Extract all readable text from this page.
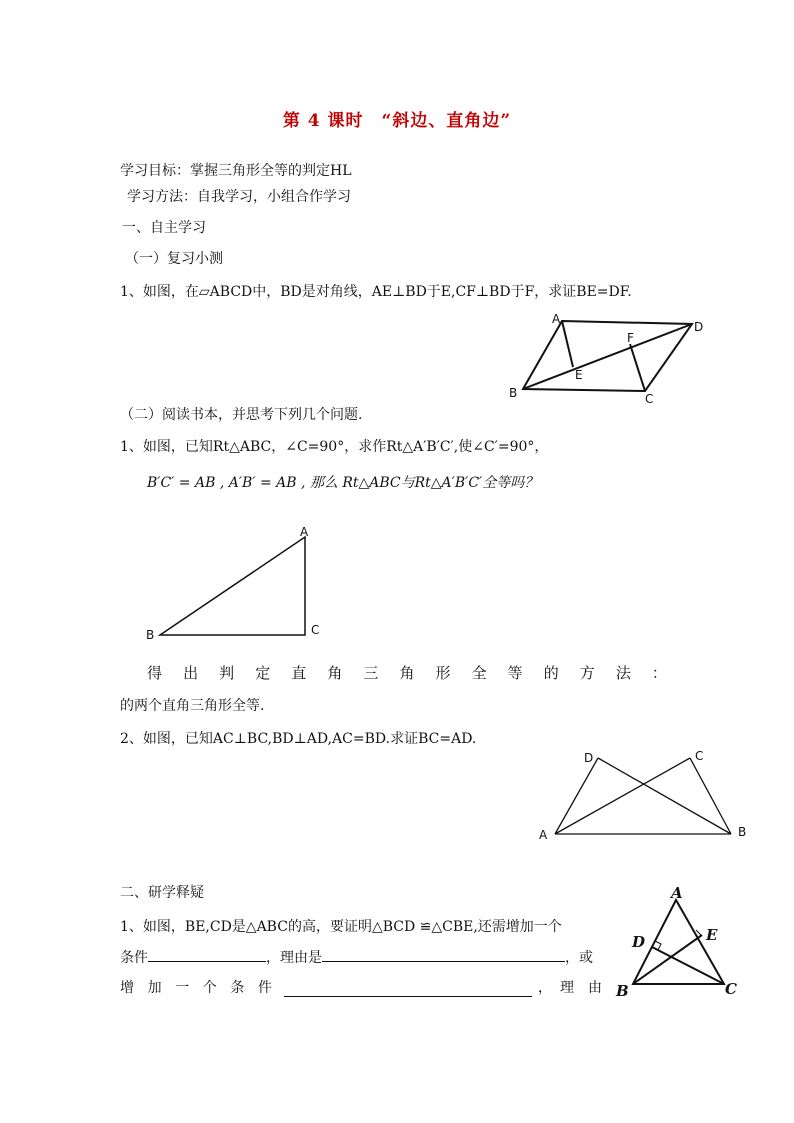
第 4 课时　“斜边、直角边”
学习目标：掌握三角形全等的判定HL
学习方法：自我学习，小组合作学习
一、自主学习
（一）复习小测
1、如图，在▱ABCD中，BD是对角线，AE⊥BD于E,CF⊥BD于F，求证BE=DF.
A
D
F
E
B	C
（二）阅读书本，并思考下列几个问题.
1、如图，已知Rt△ABC，∠C=90°，求作Rt△A′B′C′,使∠C′=90°，
B′C′ = AB , A′B′ = AB , 那么 Rt△ABC与Rt△A′B′C′全等吗？
A
B	C
得 出 判 定 直 角 三 角 形 全 等 的 方 法 ：
的两个直角三角形全等.
2、如图，已知AC⊥BC,BD⊥AD,AC=BD.求证BC=AD.
D	C
A	B
二、研学释疑
1、如图，BE,CD是△ABC的高，要证明△BCD ≌△CBE,还需增加一个
条件	，理由是	，或
增 加 一 个 条 件	， 理　由
A
D	E
B	C
